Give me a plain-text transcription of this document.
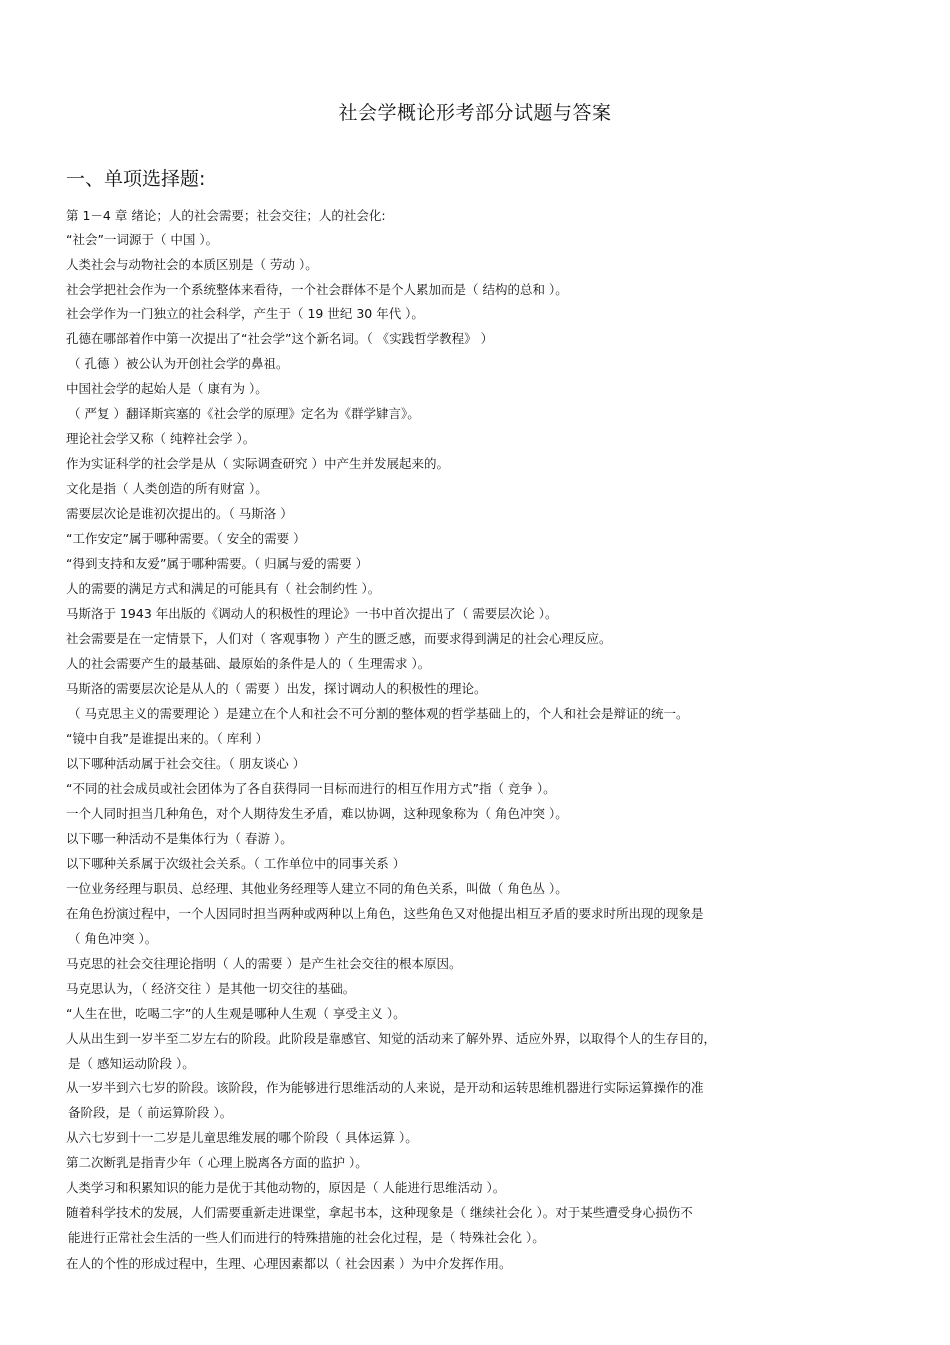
社会学概论形考部分试题与答案
一、单项选择题:
第 1－4 章 绪论；人的社会需要；社会交往；人的社会化:
“社会”一词源于（ 中国 ）。
人类社会与动物社会的本质区别是（ 劳动 ）。
社会学把社会作为一个系统整体来看待，一个社会群体不是个人累加而是（ 结构的总和 ）。
社会学作为一门独立的社会科学，产生于（ 19 世纪 30 年代 ）。
孔德在哪部着作中第一次提出了“社会学”这个新名词。（ 《实践哲学教程》 ）
（ 孔德 ）被公认为开创社会学的鼻祖。
中国社会学的起始人是（ 康有为 ）。
（ 严复 ）翻译斯宾塞的《社会学的原理》定名为《群学肄言》。
理论社会学又称（ 纯粹社会学 ）。
作为实证科学的社会学是从（ 实际调查研究 ）中产生并发展起来的。
文化是指（ 人类创造的所有财富 ）。
需要层次论是谁初次提出的。（ 马斯洛 ）
“工作安定”属于哪种需要。（ 安全的需要 ）
“得到支持和友爱”属于哪种需要。（ 归属与爱的需要 ）
人的需要的满足方式和满足的可能具有（ 社会制约性 ）。
马斯洛于 1943 年出版的《调动人的积极性的理论》一书中首次提出了（ 需要层次论 ）。
社会需要是在一定情景下，人们对（ 客观事物 ）产生的匮乏感，而要求得到满足的社会心理反应。
人的社会需要产生的最基础、最原始的条件是人的（ 生理需求 ）。
马斯洛的需要层次论是从人的（ 需要 ）出发，探讨调动人的积极性的理论。
（ 马克思主义的需要理论 ）是建立在个人和社会不可分割的整体观的哲学基础上的，个人和社会是辩证的统一。
“镜中自我”是谁提出来的。（ 库利 ）
以下哪种活动属于社会交往。（ 朋友谈心 ）
“不同的社会成员或社会团体为了各自获得同一目标而进行的相互作用方式”指（ 竞争 ）。
一个人同时担当几种角色，对个人期待发生矛盾，难以协调，这种现象称为（ 角色冲突 ）。
以下哪一种活动不是集体行为（ 春游 ）。
以下哪种关系属于次级社会关系。（ 工作单位中的同事关系 ）
一位业务经理与职员、总经理、其他业务经理等人建立不同的角色关系，叫做（ 角色丛 ）。
在角色扮演过程中，一个人因同时担当两种或两种以上角色，这些角色又对他提出相互矛盾的要求时所出现的现象是
（ 角色冲突 ）。
马克思的社会交往理论指明（ 人的需要 ）是产生社会交往的根本原因。
马克思认为，（ 经济交往 ）是其他一切交往的基础。
“人生在世，吃喝二字”的人生观是哪种人生观（ 享受主义 ）。
人从出生到一岁半至二岁左右的阶段。此阶段是靠感官、知觉的活动来了解外界、适应外界，以取得个人的生存目的，
是（ 感知运动阶段 ）。
从一岁半到六七岁的阶段。该阶段，作为能够进行思维活动的人来说，是开动和运转思维机器进行实际运算操作的准
备阶段，是（ 前运算阶段 ）。
从六七岁到十一二岁是儿童思维发展的哪个阶段（ 具体运算 ）。
第二次断乳是指青少年（ 心理上脱离各方面的监护 ）。
人类学习和积累知识的能力是优于其他动物的，原因是（ 人能进行思维活动 ）。
随着科学技术的发展，人们需要重新走进课堂，拿起书本，这种现象是（ 继续社会化 ）。对于某些遭受身心损伤不
能进行正常社会生活的一些人们而进行的特殊措施的社会化过程，是（ 特殊社会化 ）。
在人的个性的形成过程中，生理、心理因素都以（ 社会因素 ）为中介发挥作用。
